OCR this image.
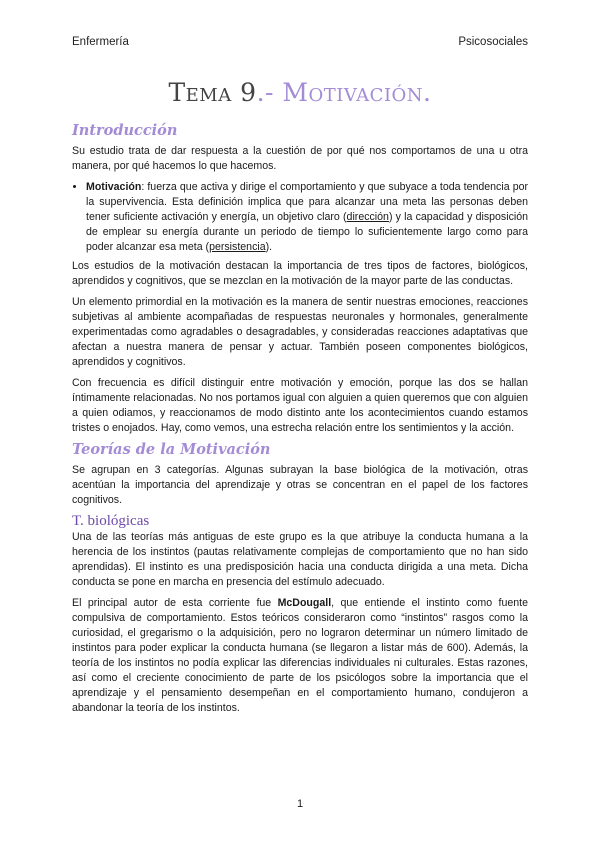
Enfermería	Psicosociales
Tema 9.- Motivación.
Introducción

Su estudio trata de dar respuesta a la cuestión de por qué nos comportamos de una u otra manera, por qué hacemos lo que hacemos.

• Motivación: fuerza que activa y dirige el comportamiento y que subyace a toda tendencia por la supervivencia. Esta definición implica que para alcanzar una meta las personas deben tener suficiente activación y energía, un objetivo claro (dirección) y la capacidad y disposición de emplear su energía durante un periodo de tiempo lo suficientemente largo como para poder alcanzar esa meta (persistencia).

Los estudios de la motivación destacan la importancia de tres tipos de factores, biológicos, aprendidos y cognitivos, que se mezclan en la motivación de la mayor parte de las conductas.

Un elemento primordial en la motivación es la manera de sentir nuestras emociones, reacciones subjetivas al ambiente acompañadas de respuestas neuronales y hormonales, generalmente experimentadas como agradables o desagradables, y consideradas reacciones adaptativas que afectan a nuestra manera de pensar y actuar. También poseen componentes biológicos, aprendidos y cognitivos.

Con frecuencia es difícil distinguir entre motivación y emoción, porque las dos se hallan íntimamente relacionadas. No nos portamos igual con alguien a quien queremos que con alguien a quien odiamos, y reaccionamos de modo distinto ante los acontecimientos cuando estamos tristes o enojados. Hay, como vemos, una estrecha relación entre los sentimientos y la acción.

Teorías de la Motivación

Se agrupan en 3 categorías. Algunas subrayan la base biológica de la motivación, otras acentúan la importancia del aprendizaje y otras se concentran en el papel de los factores cognitivos.

T. biológicas

Una de las teorías más antiguas de este grupo es la que atribuye la conducta humana a la herencia de los instintos (pautas relativamente complejas de comportamiento que no han sido aprendidas). El instinto es una predisposición hacia una conducta dirigida a una meta. Dicha conducta se pone en marcha en presencia del estímulo adecuado.

El principal autor de esta corriente fue McDougall, que entiende el instinto como fuente compulsiva de comportamiento. Estos teóricos consideraron como “instintos” rasgos como la curiosidad, el gregarismo o la adquisición, pero no lograron determinar un número limitado de instintos para poder explicar la conducta humana (se llegaron a listar más de 600). Además, la teoría de los instintos no podía explicar las diferencias individuales ni culturales. Estas razones, así como el creciente conocimiento de parte de los psicólogos sobre la importancia que el aprendizaje y el pensamiento desempeñan en el comportamiento humano, condujeron a abandonar la teoría de los instintos.

1
